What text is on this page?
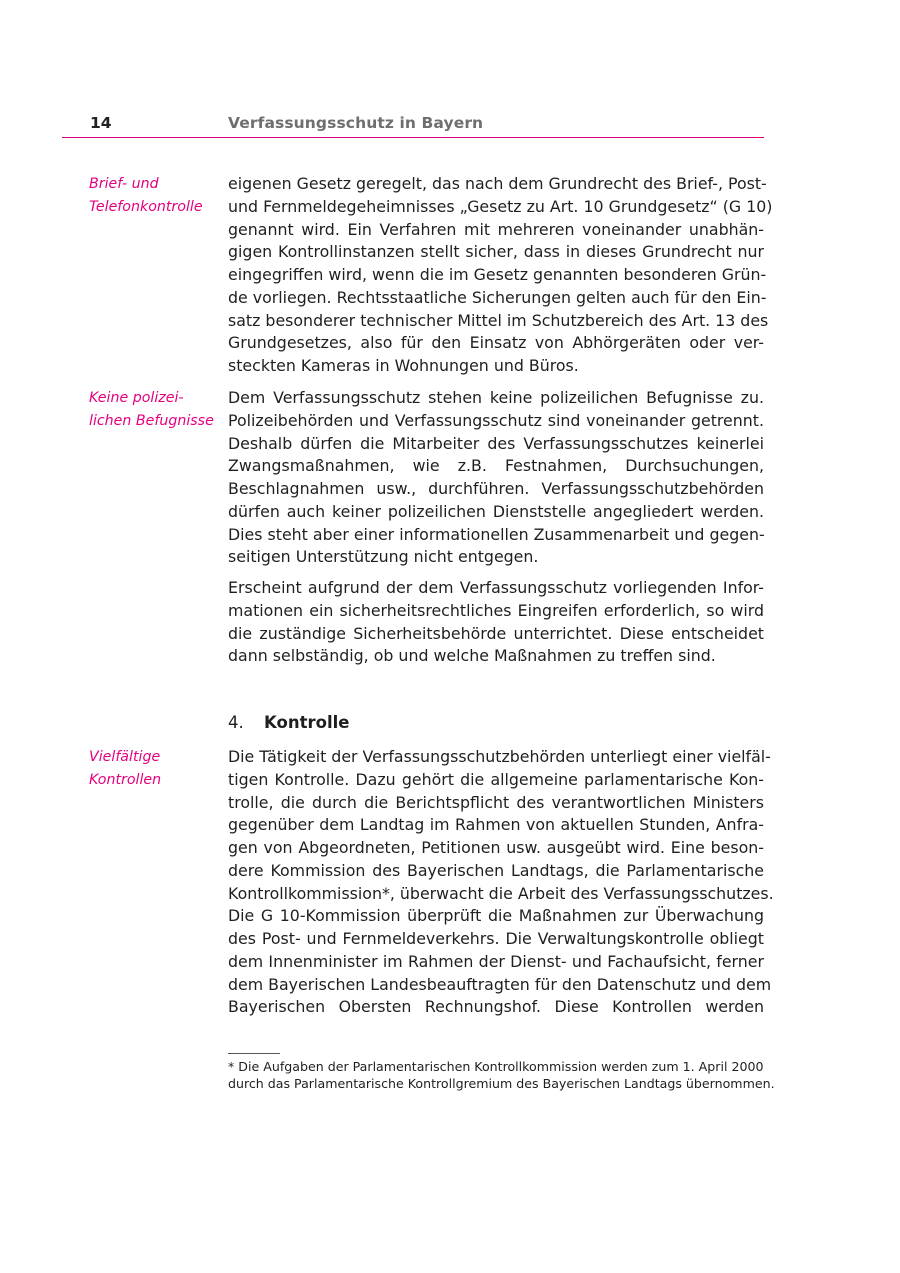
14	Verfassungsschutz in Bayern
Brief- und
Telefonkontrolle
Keine polizei-
lichen Befugnisse
Vielfältige
Kontrollen
eigenen Gesetz geregelt, das nach dem Grundrecht des Brief-, Post-
und Fernmeldegeheimnisses „Gesetz zu Art. 10 Grundgesetz“ (G 10)
genannt wird. Ein Verfahren mit mehreren voneinander unabhän-
gigen Kontrollinstanzen stellt sicher, dass in dieses Grundrecht nur
eingegriffen wird, wenn die im Gesetz genannten besonderen Grün-
de vorliegen. Rechtsstaatliche Sicherungen gelten auch für den Ein-
satz besonderer technischer Mittel im Schutzbereich des Art. 13 des
Grundgesetzes, also für den Einsatz von Abhörgeräten oder ver-
steckten Kameras in Wohnungen und Büros.
Dem Verfassungsschutz stehen keine polizeilichen Befugnisse zu.
Polizeibehörden und Verfassungsschutz sind voneinander getrennt.
Deshalb dürfen die Mitarbeiter des Verfassungsschutzes keinerlei
Zwangsmaßnahmen, wie z.B. Festnahmen, Durchsuchungen,
Beschlagnahmen usw., durchführen. Verfassungsschutzbehörden
dürfen auch keiner polizeilichen Dienststelle angegliedert werden.
Dies steht aber einer informationellen Zusammenarbeit und gegen-
seitigen Unterstützung nicht entgegen.
Erscheint aufgrund der dem Verfassungsschutz vorliegenden Infor-
mationen ein sicherheitsrechtliches Eingreifen erforderlich, so wird
die zuständige Sicherheitsbehörde unterrichtet. Diese entscheidet
dann selbständig, ob und welche Maßnahmen zu treffen sind.
4. Kontrolle
Die Tätigkeit der Verfassungsschutzbehörden unterliegt einer vielfäl-
tigen Kontrolle. Dazu gehört die allgemeine parlamentarische Kon-
trolle, die durch die Berichtspflicht des verantwortlichen Ministers
gegenüber dem Landtag im Rahmen von aktuellen Stunden, Anfra-
gen von Abgeordneten, Petitionen usw. ausgeübt wird. Eine beson-
dere Kommission des Bayerischen Landtags, die Parlamentarische
Kontrollkommission*, überwacht die Arbeit des Verfassungsschutzes.
Die G 10-Kommission überprüft die Maßnahmen zur Überwachung
des Post- und Fernmeldeverkehrs. Die Verwaltungskontrolle obliegt
dem Innenminister im Rahmen der Dienst- und Fachaufsicht, ferner
dem Bayerischen Landesbeauftragten für den Datenschutz und dem
Bayerischen Obersten Rechnungshof. Diese Kontrollen werden
* Die Aufgaben der Parlamentarischen Kontrollkommission werden zum 1. April 2000
durch das Parlamentarische Kontrollgremium des Bayerischen Landtags übernommen.
